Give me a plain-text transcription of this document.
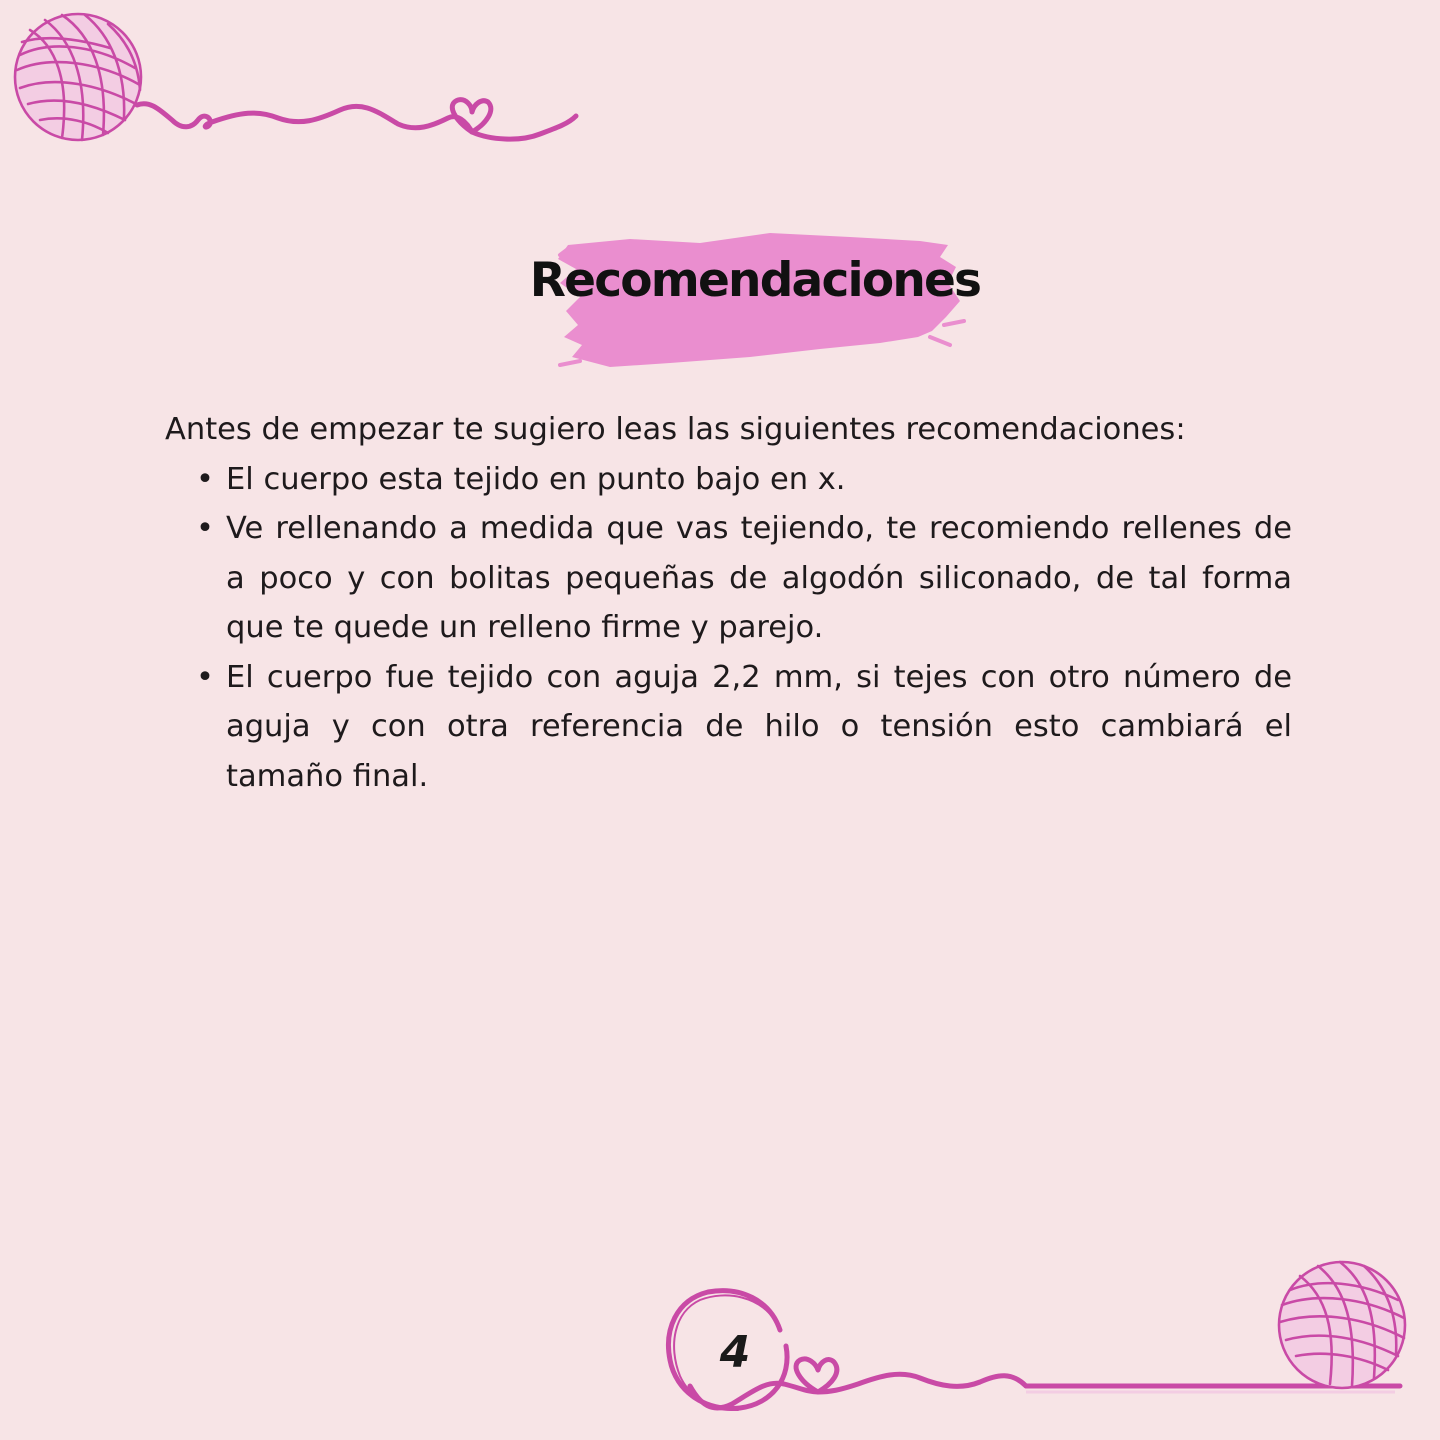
Recomendaciones

Antes de empezar te sugiero leas las siguientes recomendaciones:

• El cuerpo esta tejido en punto bajo en x.
• Ve rellenando a medida que vas tejiendo, te recomiendo rellenes de a poco y con bolitas pequeñas de algodón siliconado, de tal forma que te quede un relleno firme y parejo.
• El cuerpo fue tejido con aguja 2,2 mm, si tejes con otro número de aguja y con otra referencia de hilo o tensión esto cambiará el tamaño final.
4
